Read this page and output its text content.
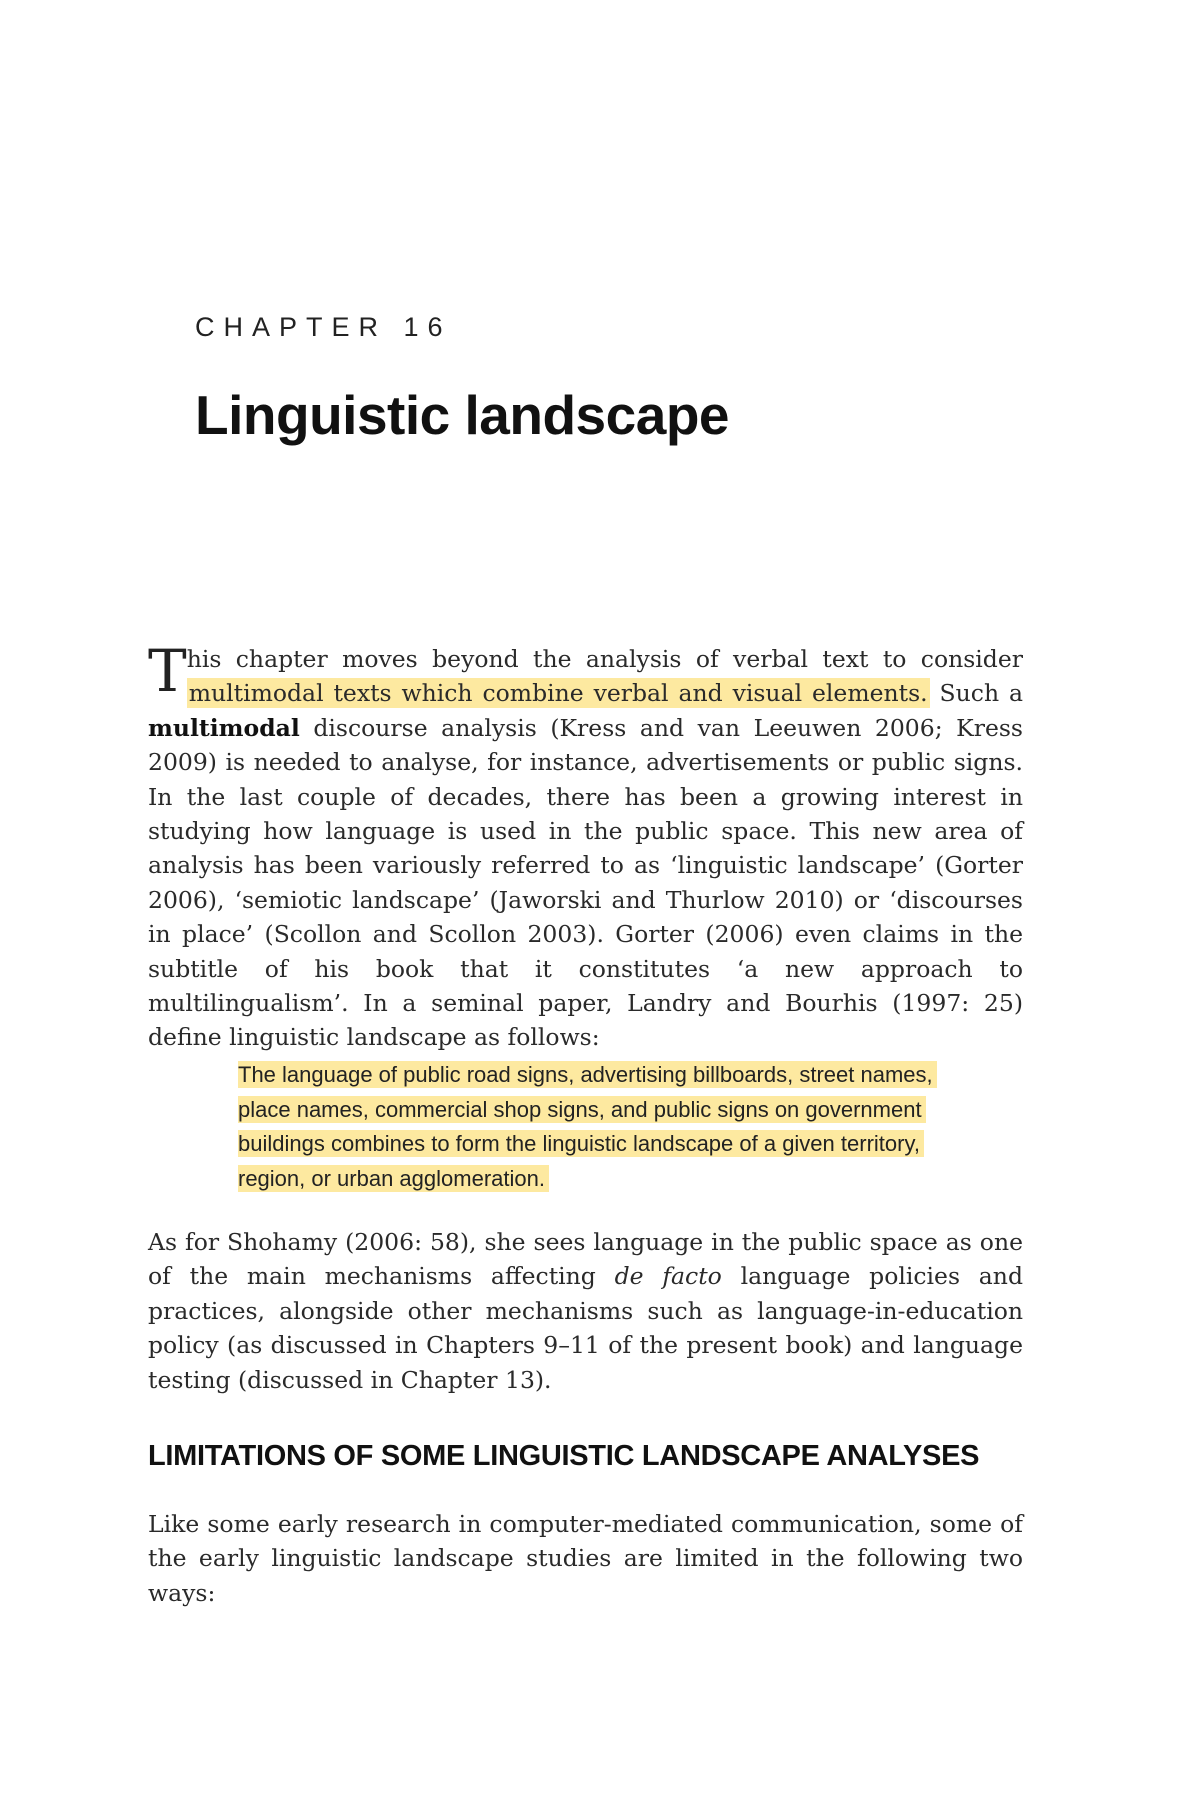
CHAPTER 16
Linguistic landscape

This chapter moves beyond the analysis of verbal text to consider multimodal texts which combine verbal and visual elements. Such a multimodal discourse analysis (Kress and van Leeuwen 2006; Kress 2009) is needed to analyse, for instance, advertisements or public signs. In the last couple of decades, there has been a growing interest in studying how language is used in the public space. This new area of analysis has been variously referred to as ‘linguistic landscape’ (Gorter 2006), ‘semiotic landscape’ (Jaworski and Thurlow 2010) or ‘discourses in place’ (Scollon and Scollon 2003). Gorter (2006) even claims in the subtitle of his book that it constitutes ‘a new approach to multilingualism’. In a seminal paper, Landry and Bourhis (1997: 25) define linguistic landscape as follows:

The language of public road signs, advertising billboards, street names, place names, commercial shop signs, and public signs on government buildings combines to form the linguistic landscape of a given territory, region, or urban agglomeration.

As for Shohamy (2006: 58), she sees language in the public space as one of the main mechanisms affecting de facto language policies and practices, alongside other mechanisms such as language-in-education policy (as discussed in Chapters 9–11 of the present book) and language testing (discussed in Chapter 13).

LIMITATIONS OF SOME LINGUISTIC LANDSCAPE ANALYSES

Like some early research in computer-mediated communication, some of the early linguistic landscape studies are limited in the following two ways:
